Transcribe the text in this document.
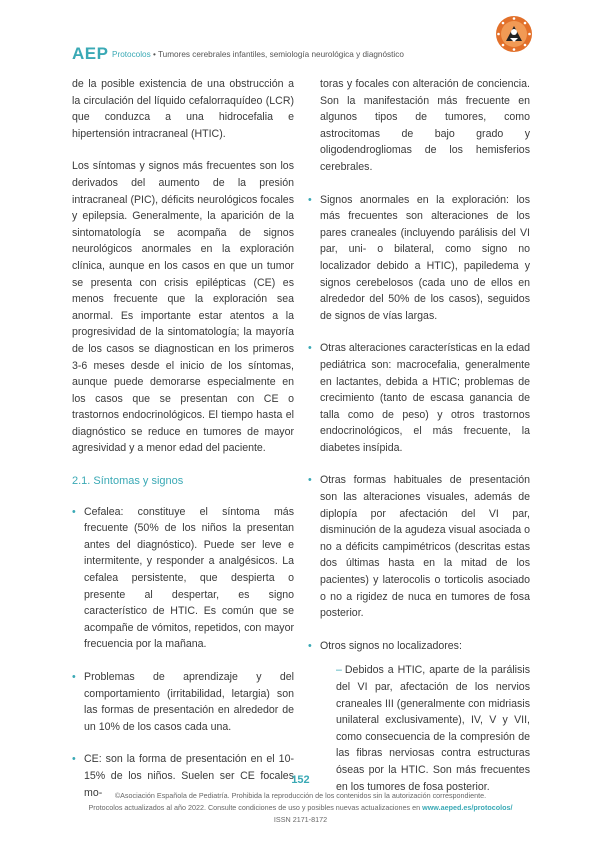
AEP Protocolos • Tumores cerebrales infantiles, semiología neurológica y diagnóstico

de la posible existencia de una obstrucción a la circulación del líquido cefalorraquídeo (LCR) que conduzca a una hidrocefalia e hipertensión intracraneal (HTIC).

Los síntomas y signos más frecuentes son los derivados del aumento de la presión intracraneal (PIC), déficits neurológicos focales y epilepsia. Generalmente, la aparición de la sintomatología se acompaña de signos neurológicos anormales en la exploración clínica, aunque en los casos en que un tumor se presenta con crisis epilépticas (CE) es menos frecuente que la exploración sea anormal. Es importante estar atentos a la progresividad de la sintomatología; la mayoría de los casos se diagnostican en los primeros 3-6 meses desde el inicio de los síntomas, aunque puede demorarse especialmente en los casos que se presentan con CE o trastornos endocrinológicos. El tiempo hasta el diagnóstico se reduce en tumores de mayor agresividad y a menor edad del paciente.

2.1. Síntomas y signos
• Cefalea: constituye el síntoma más frecuente (50% de los niños la presentan antes del diagnóstico). Puede ser leve e intermitente, y responder a analgésicos. La cefalea persistente, que despierta o presente al despertar, es signo característico de HTIC. Es común que se acompañe de vómitos, repetidos, con mayor frecuencia por la mañana.
• Problemas de aprendizaje y del comportamiento (irritabilidad, letargia) son las formas de presentación en alrededor de un 10% de los casos cada una.
• CE: son la forma de presentación en el 10-15% de los niños. Suelen ser CE focales mo-

toras y focales con alteración de conciencia. Son la manifestación más frecuente en algunos tipos de tumores, como astrocitomas de bajo grado y oligodendrogliomas de los hemisferios cerebrales.

• Signos anormales en la exploración: los más frecuentes son alteraciones de los pares craneales (incluyendo parálisis del VI par, uni- o bilateral, como signo no localizador debido a HTIC), papiledema y signos cerebelosos (cada uno de ellos en alrededor del 50% de los casos), seguidos de signos de vías largas.
• Otras alteraciones características en la edad pediátrica son: macrocefalia, generalmente en lactantes, debida a HTIC; problemas de crecimiento (tanto de escasa ganancia de talla como de peso) y otros trastornos endocrinológicos, el más frecuente, la diabetes insípida.
• Otras formas habituales de presentación son las alteraciones visuales, además de diplopía por afectación del VI par, disminución de la agudeza visual asociada o no a déficits campimétricos (descritas estas dos últimas hasta en la mitad de los pacientes) y laterocolis o torticolis asociado o no a rigidez de nuca en tumores de fosa posterior.
• Otros signos no localizadores:
– Debidos a HTIC, aparte de la parálisis del VI par, afectación de los nervios craneales III (generalmente con midriasis unilateral exclusivamente), IV, V y VII, como consecuencia de la compresión de las fibras nerviosas contra estructuras óseas por la HTIC. Son más frecuentes en los tumores de fosa posterior.
152
©Asociación Española de Pediatría. Prohibida la reproducción de los contenidos sin la autorización correspondiente.
Protocolos actualizados al año 2022. Consulte condiciones de uso y posibles nuevas actualizaciones en www.aeped.es/protocolos/
ISSN 2171-8172
